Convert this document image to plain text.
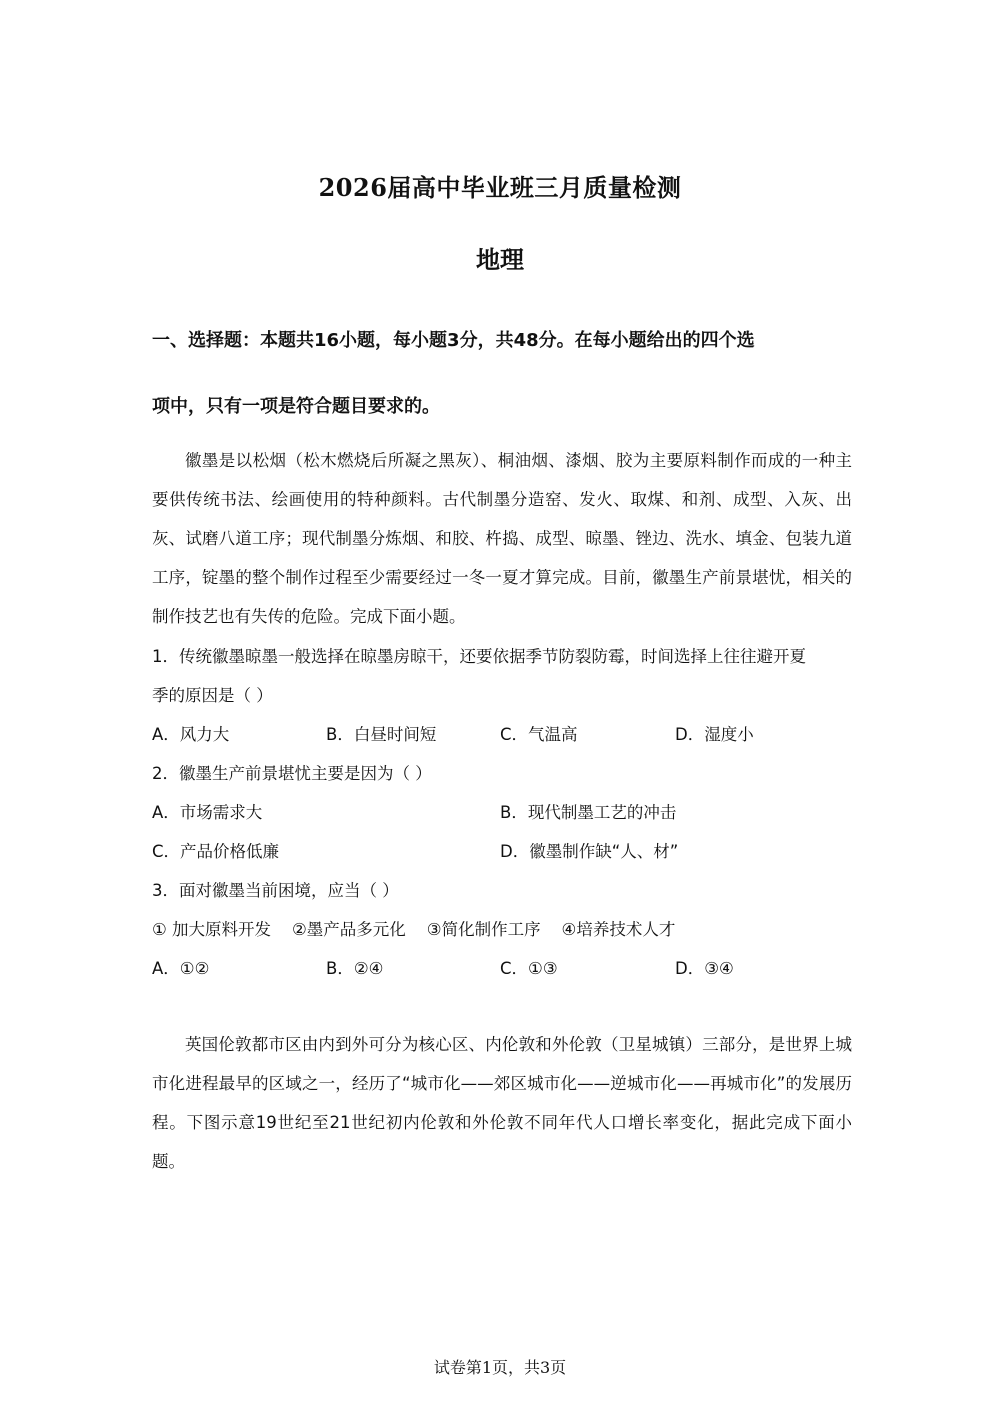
2026届高中毕业班三月质量检测
地理
一、选择题：本题共16小题，每小题3分，共48分。在每小题给出的四个选
项中，只有一项是符合题目要求的。
徽墨是以松烟（松木燃烧后所凝之黑灰）、桐油烟、漆烟、胶为主要原料制作而成的一种主要供传统书法、绘画使用的特种颜料。古代制墨分造窑、发火、取煤、和剂、成型、入灰、出灰、试磨八道工序；现代制墨分炼烟、和胶、杵捣、成型、晾墨、锉边、洗水、填金、包装九道工序，锭墨的整个制作过程至少需要经过一冬一夏才算完成。目前，徽墨生产前景堪忧，相关的制作技艺也有失传的危险。完成下面小题。
1．传统徽墨晾墨一般选择在晾墨房晾干，还要依据季节防裂防霉，时间选择上往往避开夏
季的原因是（ ）
A．风力大	B．白昼时间短	C．气温高	D．湿度小
2．徽墨生产前景堪忧主要是因为（ ）
A．市场需求大	B．现代制墨工艺的冲击
C．产品价格低廉	D．徽墨制作缺“人、材”
3．面对徽墨当前困境，应当（ ）
① 加大原料开发    ②墨产品多元化    ③简化制作工序    ④培养技术人才
A．①②	B．②④	C．①③	D．③④
英国伦敦都市区由内到外可分为核心区、内伦敦和外伦敦（卫星城镇）三部分，是世界上城市化进程最早的区域之一，经历了“城市化——郊区城市化——逆城市化——再城市化”的发展历程。下图示意19世纪至21世纪初内伦敦和外伦敦不同年代人口增长率变化，据此完成下面小题。
试卷第1页，共3页
